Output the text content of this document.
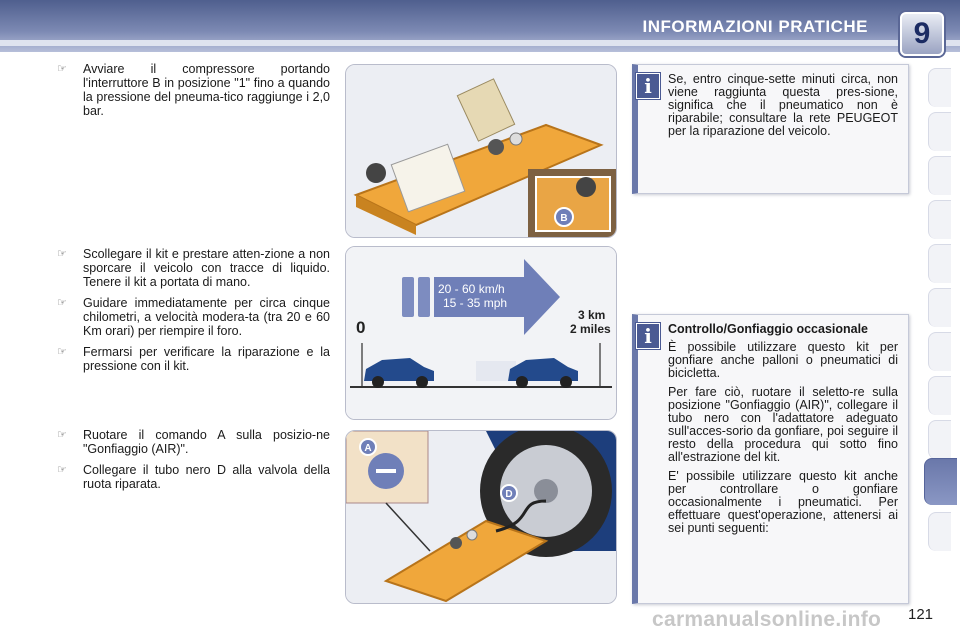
INFORMAZIONI PRATICHE	9
☞ Avviare il compressore portando l'interruttore B in posizione "1" fino a quando la pressione del pneuma-tico raggiunge i 2,0 bar.
☞ Scollegare il kit e prestare atten-zione a non sporcare il veicolo con tracce di liquido. Tenere il kit a portata di mano.
☞ Guidare immediatamente per circa cinque chilometri, a velocità modera-ta (tra 20 e 60 Km orari) per riempire il foro.
☞ Fermarsi per verificare la riparazione e la pressione con il kit.
☞ Ruotare il comando A sulla posizio-ne "Gonfiaggio (AIR)".
☞ Collegare il tubo nero D alla valvola della ruota riparata.
B
20 - 60 km/h
15 - 35 mph
0
3 km
2 miles
A
D
i	Se, entro cinque-sette minuti circa, non viene raggiunta questa pres-sione, significa che il pneumatico non è riparabile; consultare la rete PEUGEOT per la riparazione del veicolo.
i	Controllo/Gonfiaggio occasionale

È possibile utilizzare questo kit per gonfiare anche palloni o pneumatici di bicicletta.

Per fare ciò, ruotare il seletto-re sulla posizione "Gonfiaggio (AIR)", collegare il tubo nero con l'adattatore adeguato sull'acces-sorio da gonfiare, poi seguire il resto della procedura qui sotto fino all'estrazione del kit.

E' possibile utilizzare questo kit anche per controllare o gonfiare occasionalmente i pneumatici. Per effettuare quest'operazione, attenersi ai sei punti seguenti:

carmanualsonline.info 121
